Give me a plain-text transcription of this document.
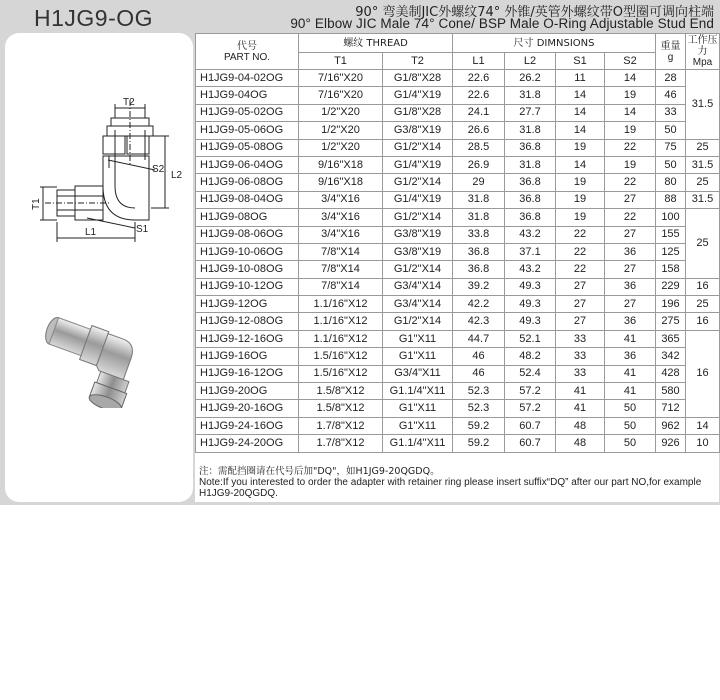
H1JG9-OG	90° 弯美制JIC外螺纹74° 外锥/英管外螺纹带O型圈可调向柱端
90° Elbow JIC Male 74° Cone/ BSP Male O-Ring Adjustable Stud End
T2
T1
L1
L2
S1
S2
代号
PART NO.	螺纹 THREAD		尺寸 DIMNSIONS				重量
g	工作压力
Mpa

	T1	T2	L1	L2	S1	S2		
H1JG9-04-02OG	7/16"X20	G1/8"X28	22.6	26.2	11	14	28	31.5
H1JG9-04OG	7/16"X20	G1/4"X19	22.6	31.8	14	19	46	
H1JG9-05-02OG	1/2"X20	G1/8"X28	24.1	27.7	14	14	33	
H1JG9-05-06OG	1/2"X20	G3/8"X19	26.6	31.8	14	19	50	
H1JG9-05-08OG	1/2"X20	G1/2"X14	28.5	36.8	19	22	75	25
H1JG9-06-04OG	9/16"X18	G1/4"X19	26.9	31.8	14	19	50	31.5
H1JG9-06-08OG	9/16"X18	G1/2"X14	29	36.8	19	22	80	25
H1JG9-08-04OG	3/4"X16	G1/4"X19	31.8	36.8	19	27	88	31.5
H1JG9-08OG	3/4"X16	G1/2"X14	31.8	36.8	19	22	100	25
H1JG9-08-06OG	3/4"X16	G3/8"X19	33.8	43.2	22	27	155	
H1JG9-10-06OG	7/8"X14	G3/8"X19	36.8	37.1	22	36	125	
H1JG9-10-08OG	7/8"X14	G1/2"X14	36.8	43.2	22	27	158	
H1JG9-10-12OG	7/8"X14	G3/4"X14	39.2	49.3	27	36	229	16
H1JG9-12OG	1.1/16"X12	G3/4"X14	42.2	49.3	27	27	196	25
H1JG9-12-08OG	1.1/16"X12	G1/2"X14	42.3	49.3	27	36	275	16
H1JG9-12-16OG	1.1/16"X12	G1"X11	44.7	52.1	33	41	365	16
H1JG9-16OG	1.5/16"X12	G1"X11	46	48.2	33	36	342	
H1JG9-16-12OG	1.5/16"X12	G3/4"X11	46	52.4	33	41	428	
H1JG9-20OG	1.5/8"X12	G1.1/4"X11	52.3	57.2	41	41	580	
H1JG9-20-16OG	1.5/8"X12	G1"X11	52.3	57.2	41	50	712	
H1JG9-24-16OG	1.7/8"X12	G1"X11	59.2	60.7	48	50	962	14
H1JG9-24-20OG	1.7/8"X12	G1.1/4"X11	59.2	60.7	48	50	926	10
注：需配挡圈请在代号后加"DQ"，如H1JG9-20QGDQ。
Note:If you interested to order the adapter with retainer ring please insert suffix“DQ” after our part NO,for example H1JG9-20QGDQ.
